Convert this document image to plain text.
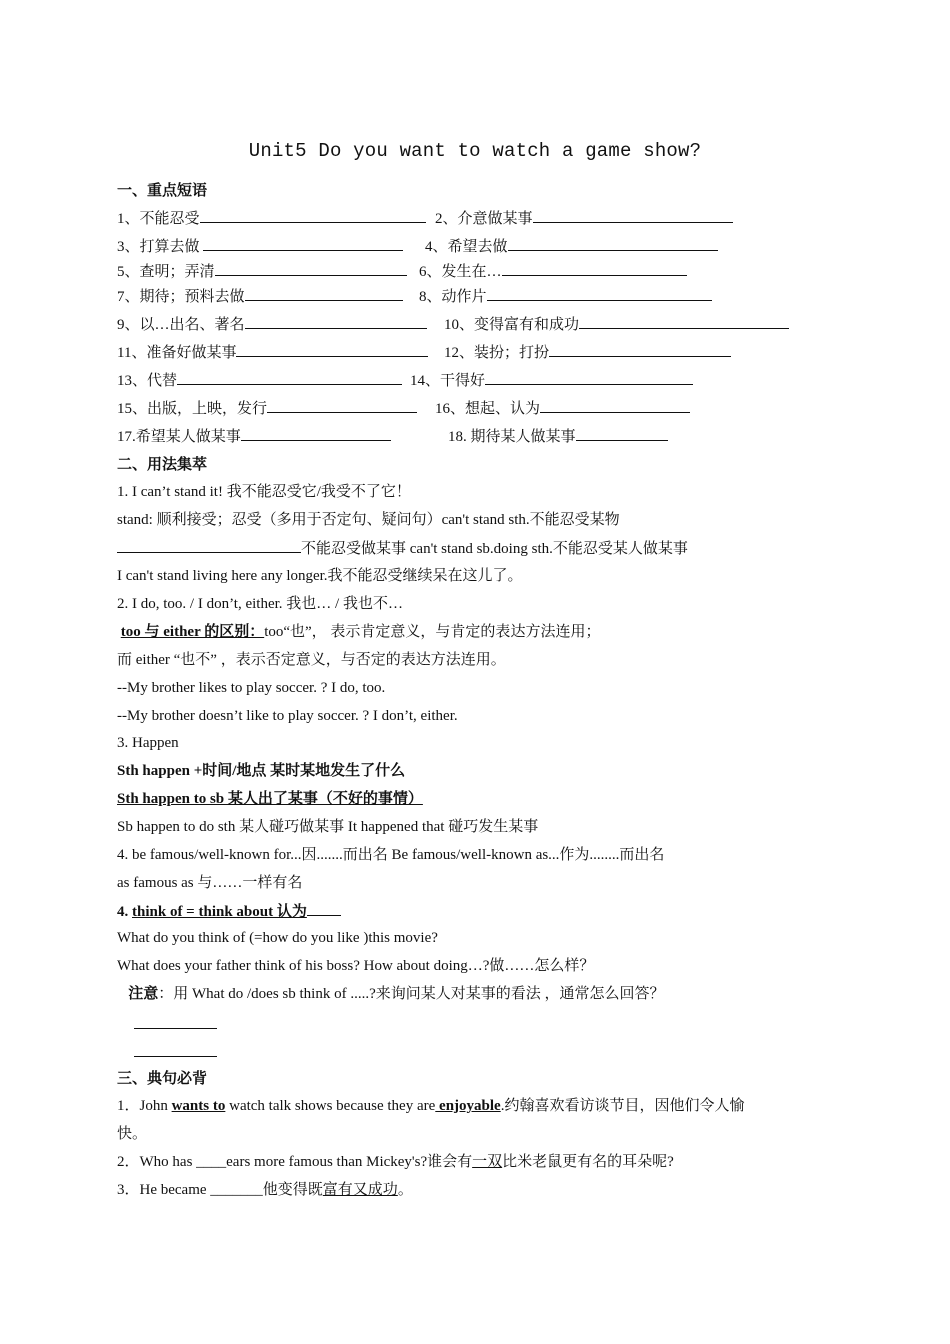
Unit5 Do you want to watch a game show?
一、重点短语
1、不能忍受	2、介意做某事
3、打算去做	4、希望去做
5、查明；弄清	6、发生在…
7、期待；预料去做	8、动作片
9、以…出名、著名	10、变得富有和成功
11、准备好做某事	12、装扮；打扮
13、代替	14、干得好
15、出版，上映，发行	16、想起、认为
17.希望某人做某事	18. 期待某人做某事
二、用法集萃
1. I can’t stand it! 我不能忍受它/我受不了它！
stand: 顺利接受；忍受（多用于否定句、疑问句）can't stand sth.不能忍受某物
不能忍受做某事 can't stand sb.doing sth.不能忍受某人做某事
I can't stand living here any longer.我不能忍受继续呆在这儿了。
2. I do, too. / I don’t, either. 我也… / 我也不…
too 与 either 的区别：too“也”， 表示肯定意义，与肯定的表达方法连用；
而 either “也不” ，表示否定意义，与否定的表达方法连用。
--My brother likes to play soccer. ? I do, too.
--My brother doesn’t like to play soccer. ? I don’t, either.
3. Happen
Sth happen +时间/地点 某时某地发生了什么
Sth happen to sb 某人出了某事（不好的事情）
Sb happen to do sth 某人碰巧做某事 It happened that 碰巧发生某事
4. be famous/well-known for...因.......而出名 Be famous/well-known as...作为........而出名
as famous as 与……一样有名
4. think of = think about 认为
What do you think of (=how do you like )this movie?
What does your father think of his boss? How about doing…?做……怎么样？
注意：用 What do /does sb think of .....?来询问某人对某事的看法 ，通常怎么回答？
三、典句必背
1．John wants to watch talk shows because they are enjoyable.约翰喜欢看访谈节目，因他们令人愉
快。
2．Who has ____ears more famous than Mickey's?谁会有一双比米老鼠更有名的耳朵呢?
3．He became _______他变得既富有又成功。
